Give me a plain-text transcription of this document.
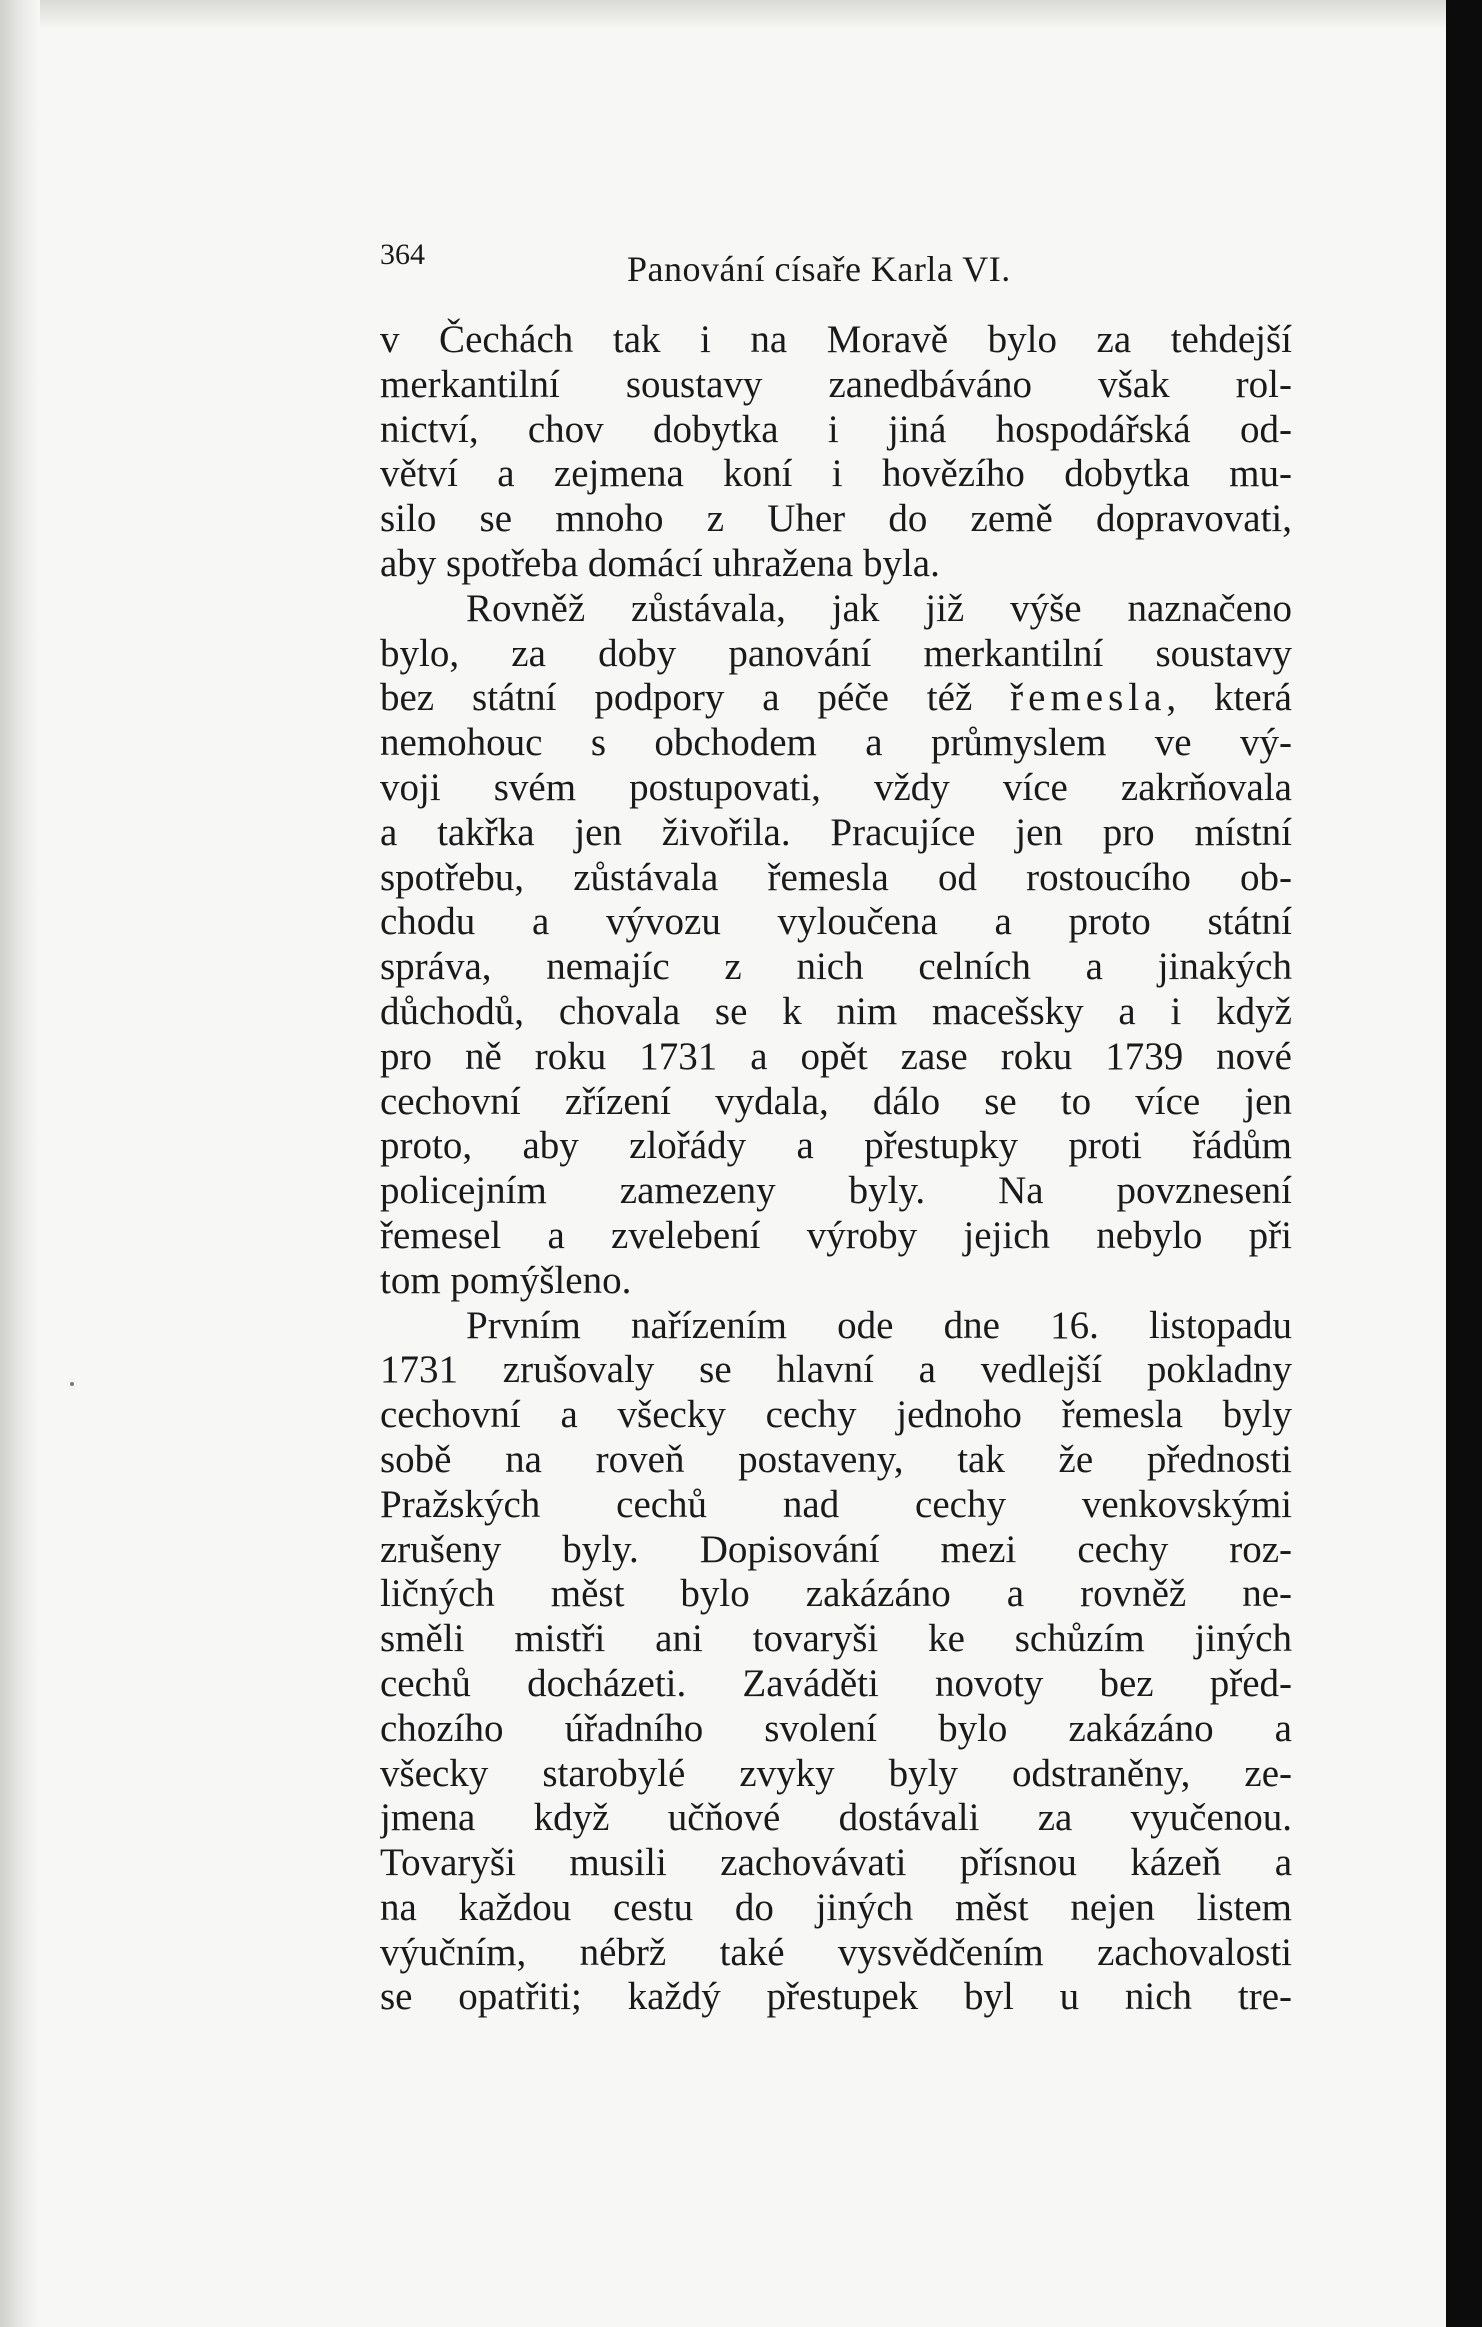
364	Panování císaře Karla VI.
v Čechách tak i na Moravě bylo za tehdejší
merkantilní soustavy zanedbáváno však rol-
nictví, chov dobytka i jiná hospodářská od-
větví a zejmena koní i hovězího dobytka mu-
silo se mnoho z Uher do země dopravovati,
aby spotřeba domácí uhražena byla.
Rovněž zůstávala, jak již výše naznačeno
bylo, za doby panování merkantilní soustavy
bez státní podpory a péče též řemesla, která
nemohouc s obchodem a průmyslem ve vý-
voji svém postupovati, vždy více zakrňovala
a takřka jen živořila. Pracujíce jen pro místní
spotřebu, zůstávala řemesla od rostoucího ob-
chodu a vývozu vyloučena a proto státní
správa, nemajíc z nich celních a jinakých
důchodů, chovala se k nim macešsky a i když
pro ně roku 1731 a opět zase roku 1739 nové
cechovní zřízení vydala, dálo se to více jen
proto, aby zlořády a přestupky proti řádům
policejním zamezeny byly. Na povznesení
řemesel a zvelebení výroby jejich nebylo při
tom pomýšleno.
Prvním nařízením ode dne 16. listopadu
1731 zrušovaly se hlavní a vedlejší pokladny
cechovní a všecky cechy jednoho řemesla byly
sobě na roveň postaveny, tak že přednosti
Pražských cechů nad cechy venkovskými
zrušeny byly. Dopisování mezi cechy roz-
ličných měst bylo zakázáno a rovněž ne-
směli mistři ani tovaryši ke schůzím jiných
cechů docházeti. Zaváděti novoty bez před-
chozího úřadního svolení bylo zakázáno a
všecky starobylé zvyky byly odstraněny, ze-
jmena když učňové dostávali za vyučenou.
Tovaryši musili zachovávati přísnou kázeň a
na každou cestu do jiných měst nejen listem
výučním, nébrž také vysvědčením zachovalosti
se opatřiti; každý přestupek byl u nich tre-
